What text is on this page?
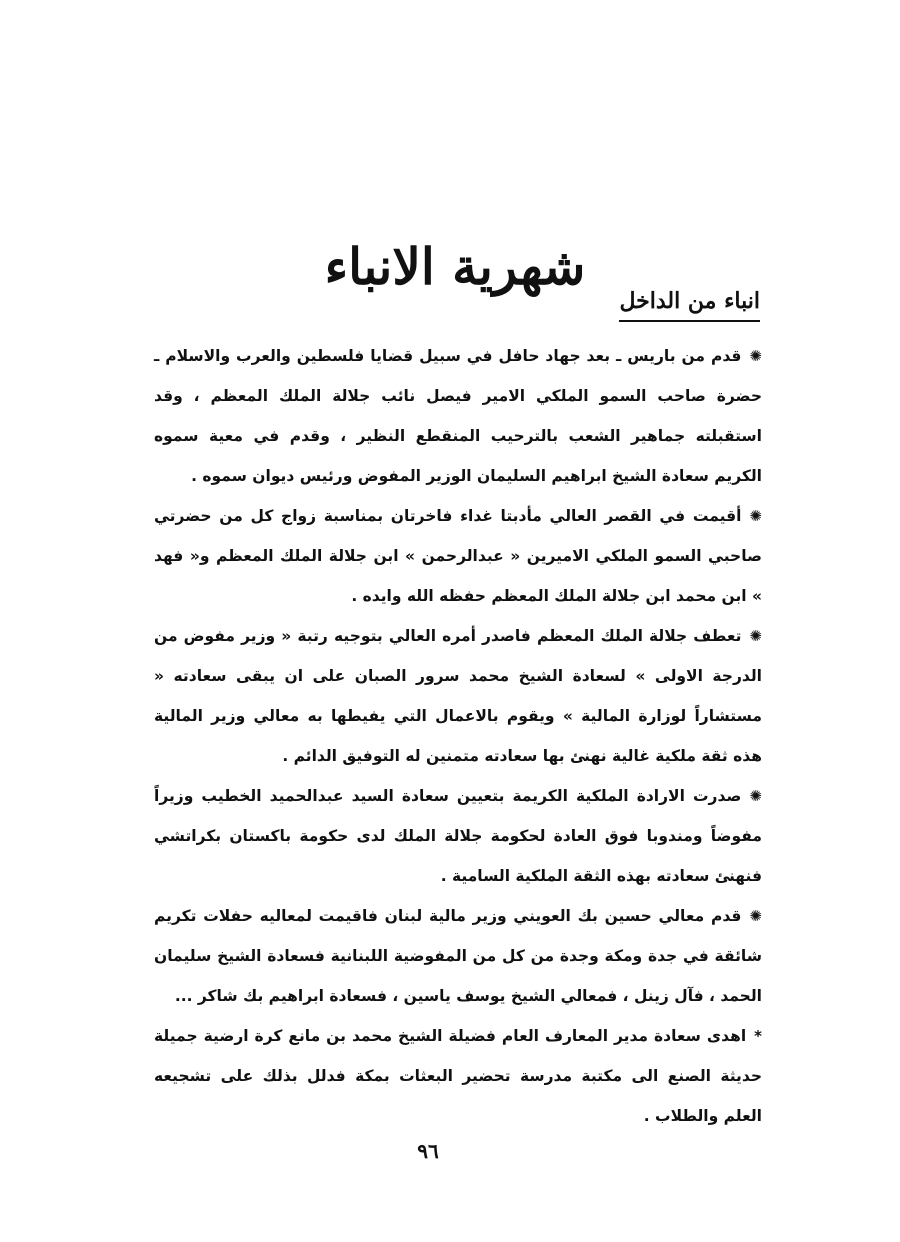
شهرية الانباء
انباء من الداخل

✺قدم من باريس ـ بعد جهاد حافل في سبيل قضايا فلسطين والعرب والاسلام ـ حضرة صاحب السمو الملكي الامير فيصل نائب جلالة الملك المعظم ، وقد استقبلته جماهير الشعب بالترحيب المنقطع النظير ، وقدم في معية سموه الكريم سعادة الشيخ ابراهيم السليمان الوزير المفوض ورئيس ديوان سموه .

✺أقيمت في القصر العالي مأدبتا غداء فاخرتان بمناسبة زواج كل من حضرتي صاحبي السمو الملكي الاميرين « عبدالرحمن » ابن جلالة الملك المعظم و« فهد » ابن محمد ابن جلالة الملك المعظم حفظه الله وايده .

✺تعطف جلالة الملك المعظم فاصدر أمره العالي بتوجيه رتبة « وزير مفوض من الدرجة الاولى » لسعادة الشيخ محمد سرور الصبان على ان يبقى سعادته « مستشاراً لوزارة المالية » ويقوم بالاعمال التي يفيطها به معالي وزير المالية هذه ثقة ملكية غالية نهنئ بها سعادته متمنين له التوفيق الدائم .

✺صدرت الارادة الملكية الكريمة بتعيين سعادة السيد عبدالحميد الخطيب وزيراً مفوضاً ومندوبا فوق العادة لحكومة جلالة الملك لدى حكومة باكستان بكراتشي فنهنئ سعادته بهذه الثقة الملكية السامية .

✺قدم معالي حسين بك العويني وزير مالية لبنان فاقيمت لمعاليه حفلات تكريم شائقة في جدة ومكة وجدة من كل من المفوضية اللبنانية فسعادة الشيخ سليمان الحمد ، فآل زينل ، فمعالي الشيخ يوسف ياسين ، فسعادة ابراهيم بك شاكر ...

*اهدى سعادة مدير المعارف العام فضيلة الشيخ محمد بن مانع كرة ارضية جميلة حديثة الصنع الى مكتبة مدرسة تحضير البعثات بمكة فدلل بذلك على تشجيعه العلم والطلاب .

٩٦
